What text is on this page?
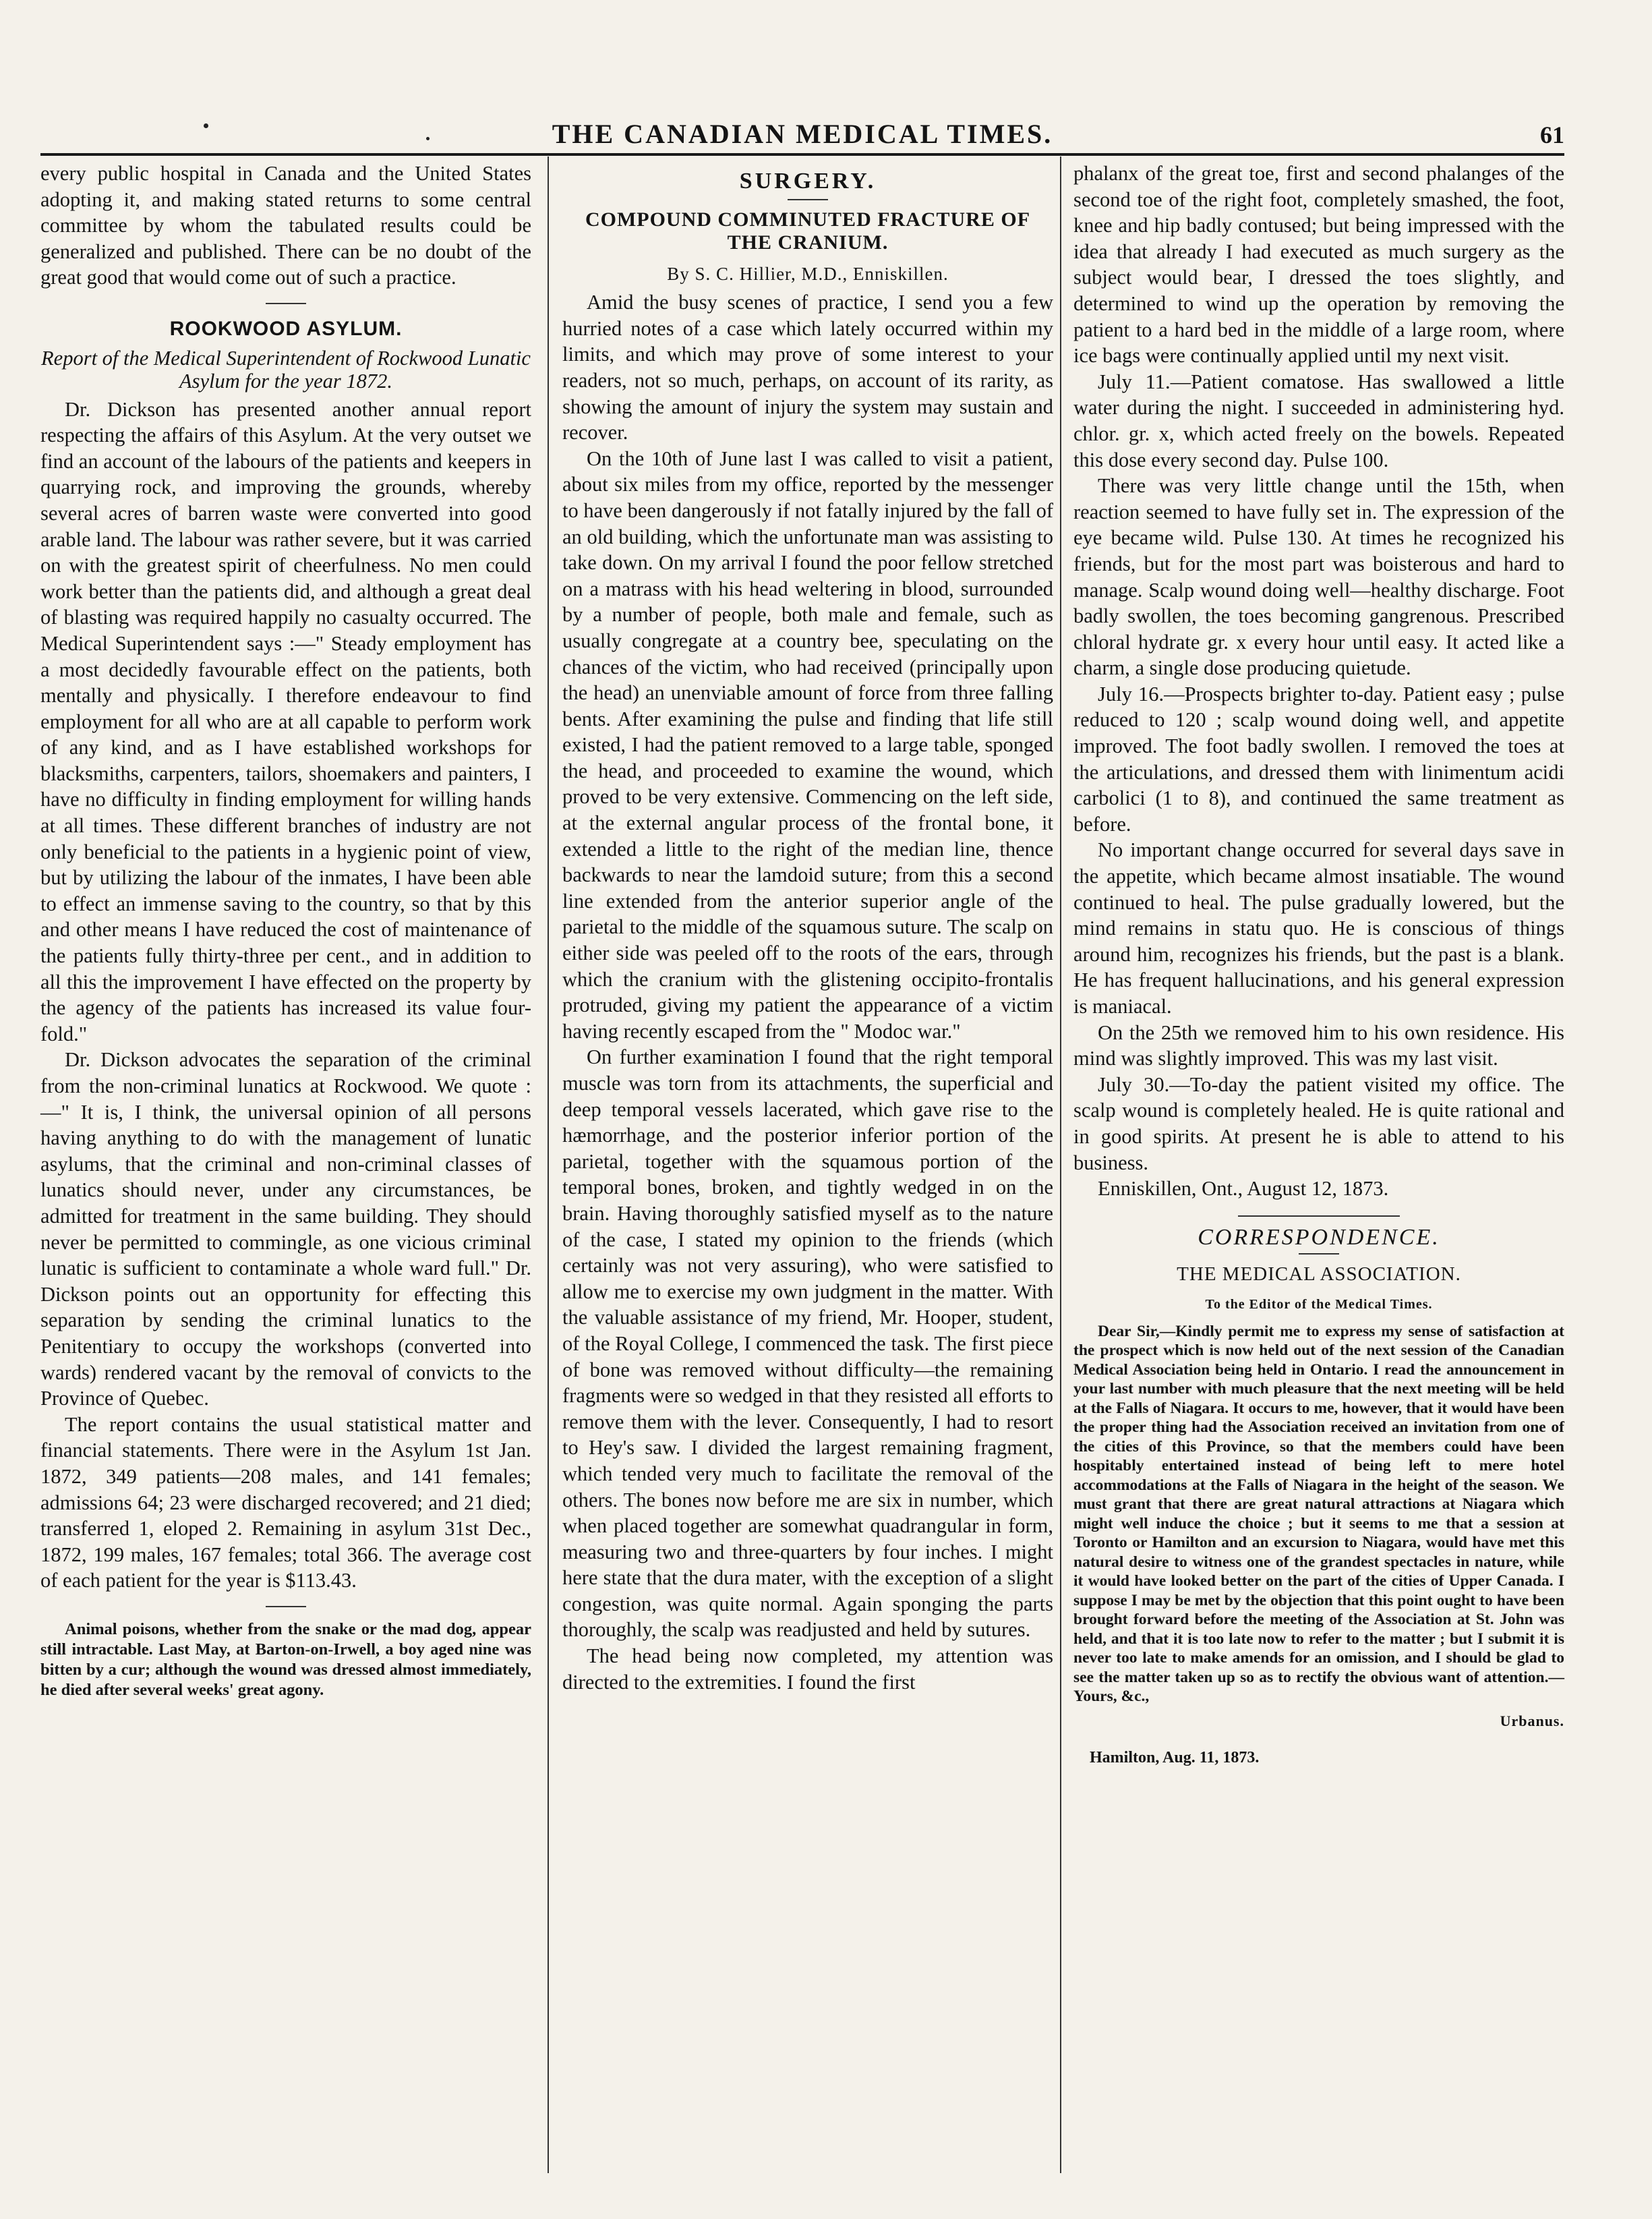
THE CANADIAN MEDICAL TIMES.	61

every public hospital in Canada and the United States adopting it, and making stated returns to some central committee by whom the tabulated results could be generalized and published. There can be no doubt of the great good that would come out of such a practice.

ROOKWOOD ASYLUM.
Report of the Medical Superintendent of Rockwood Lunatic Asylum for the year 1872.

Dr. Dickson has presented another annual report respecting the affairs of this Asylum. At the very outset we find an account of the labours of the patients and keepers in quarrying rock, and improving the grounds, whereby several acres of barren waste were converted into good arable land. The labour was rather severe, but it was carried on with the greatest spirit of cheerfulness. No men could work better than the patients did, and although a great deal of blasting was required happily no casualty occurred. The Medical Superintendent says :—" Steady employment has a most decidedly favourable effect on the patients, both mentally and physically. I therefore endeavour to find employment for all who are at all capable to perform work of any kind, and as I have established workshops for blacksmiths, carpenters, tailors, shoemakers and painters, I have no difficulty in finding employment for willing hands at all times. These different branches of industry are not only beneficial to the patients in a hygienic point of view, but by utilizing the labour of the inmates, I have been able to effect an immense saving to the country, so that by this and other means I have reduced the cost of maintenance of the patients fully thirty-three per cent., and in addition to all this the improvement I have effected on the property by the agency of the patients has increased its value four-fold."

Dr. Dickson advocates the separation of the criminal from the non-criminal lunatics at Rockwood. We quote :—" It is, I think, the universal opinion of all persons having anything to do with the management of lunatic asylums, that the criminal and non-criminal classes of lunatics should never, under any circumstances, be admitted for treatment in the same building. They should never be permitted to commingle, as one vicious criminal lunatic is sufficient to contaminate a whole ward full." Dr. Dickson points out an opportunity for effecting this separation by sending the criminal lunatics to the Penitentiary to occupy the workshops (converted into wards) rendered vacant by the removal of convicts to the Province of Quebec.

The report contains the usual statistical matter and financial statements. There were in the Asylum 1st Jan. 1872, 349 patients—208 males, and 141 females; admissions 64; 23 were discharged recovered; and 21 died; transferred 1, eloped 2. Remaining in asylum 31st Dec., 1872, 199 males, 167 females; total 366. The average cost of each patient for the year is $113.43.

Animal poisons, whether from the snake or the mad dog, appear still intractable. Last May, at Barton-on-Irwell, a boy aged nine was bitten by a cur; although the wound was dressed almost immediately, he died after several weeks' great agony.

SURGERY.
COMPOUND COMMINUTED FRACTURE OF THE CRANIUM.
By S. C. Hillier, M.D., Enniskillen.

Amid the busy scenes of practice, I send you a few hurried notes of a case which lately occurred within my limits, and which may prove of some interest to your readers, not so much, perhaps, on account of its rarity, as showing the amount of injury the system may sustain and recover.

On the 10th of June last I was called to visit a patient, about six miles from my office, reported by the messenger to have been dangerously if not fatally injured by the fall of an old building, which the unfortunate man was assisting to take down. On my arrival I found the poor fellow stretched on a matrass with his head weltering in blood, surrounded by a number of people, both male and female, such as usually congregate at a country bee, speculating on the chances of the victim, who had received (principally upon the head) an unenviable amount of force from three falling bents. After examining the pulse and finding that life still existed, I had the patient removed to a large table, sponged the head, and proceeded to examine the wound, which proved to be very extensive. Commencing on the left side, at the external angular process of the frontal bone, it extended a little to the right of the median line, thence backwards to near the lamdoid suture; from this a second line extended from the anterior superior angle of the parietal to the middle of the squamous suture. The scalp on either side was peeled off to the roots of the ears, through which the cranium with the glistening occipito-frontalis protruded, giving my patient the appearance of a victim having recently escaped from the " Modoc war."

On further examination I found that the right temporal muscle was torn from its attachments, the superficial and deep temporal vessels lacerated, which gave rise to the hæmorrhage, and the posterior inferior portion of the parietal, together with the squamous portion of the temporal bones, broken, and tightly wedged in on the brain. Having thoroughly satisfied myself as to the nature of the case, I stated my opinion to the friends (which certainly was not very assuring), who were satisfied to allow me to exercise my own judgment in the matter. With the valuable assistance of my friend, Mr. Hooper, student, of the Royal College, I commenced the task. The first piece of bone was removed without difficulty—the remaining fragments were so wedged in that they resisted all efforts to remove them with the lever. Consequently, I had to resort to Hey's saw. I divided the largest remaining fragment, which tended very much to facilitate the removal of the others. The bones now before me are six in number, which when placed together are somewhat quadrangular in form, measuring two and three-quarters by four inches. I might here state that the dura mater, with the exception of a slight congestion, was quite normal. Again sponging the parts thoroughly, the scalp was readjusted and held by sutures.

The head being now completed, my attention was directed to the extremities. I found the first

phalanx of the great toe, first and second phalanges of the second toe of the right foot, completely smashed, the foot, knee and hip badly contused; but being impressed with the idea that already I had executed as much surgery as the subject would bear, I dressed the toes slightly, and determined to wind up the operation by removing the patient to a hard bed in the middle of a large room, where ice bags were continually applied until my next visit.

July 11.—Patient comatose. Has swallowed a little water during the night. I succeeded in administering hyd. chlor. gr. x, which acted freely on the bowels. Repeated this dose every second day. Pulse 100.

There was very little change until the 15th, when reaction seemed to have fully set in. The expression of the eye became wild. Pulse 130. At times he recognized his friends, but for the most part was boisterous and hard to manage. Scalp wound doing well—healthy discharge. Foot badly swollen, the toes becoming gangrenous. Prescribed chloral hydrate gr. x every hour until easy. It acted like a charm, a single dose producing quietude.

July 16.—Prospects brighter to-day. Patient easy ; pulse reduced to 120 ; scalp wound doing well, and appetite improved. The foot badly swollen. I removed the toes at the articulations, and dressed them with linimentum acidi carbolici (1 to 8), and continued the same treatment as before.

No important change occurred for several days save in the appetite, which became almost insatiable. The wound continued to heal. The pulse gradually lowered, but the mind remains in statu quo. He is conscious of things around him, recognizes his friends, but the past is a blank. He has frequent hallucinations, and his general expression is maniacal.

On the 25th we removed him to his own residence. His mind was slightly improved. This was my last visit.

July 30.—To-day the patient visited my office. The scalp wound is completely healed. He is quite rational and in good spirits. At present he is able to attend to his business.

Enniskillen, Ont., August 12, 1873.

CORRESPONDENCE.
THE MEDICAL ASSOCIATION.
To the Editor of the Medical Times.

Dear Sir,—Kindly permit me to express my sense of satisfaction at the prospect which is now held out of the next session of the Canadian Medical Association being held in Ontario. I read the announcement in your last number with much pleasure that the next meeting will be held at the Falls of Niagara. It occurs to me, however, that it would have been the proper thing had the Association received an invitation from one of the cities of this Province, so that the members could have been hospitably entertained instead of being left to mere hotel accommodations at the Falls of Niagara in the height of the season. We must grant that there are great natural attractions at Niagara which might well induce the choice ; but it seems to me that a session at Toronto or Hamilton and an excursion to Niagara, would have met this natural desire to witness one of the grandest spectacles in nature, while it would have looked better on the part of the cities of Upper Canada. I suppose I may be met by the objection that this point ought to have been brought forward before the meeting of the Association at St. John was held, and that it is too late now to refer to the matter ; but I submit it is never too late to make amends for an omission, and I should be glad to see the matter taken up so as to rectify the obvious want of attention.—Yours, &c.,

Urbanus.
Hamilton, Aug. 11, 1873.
